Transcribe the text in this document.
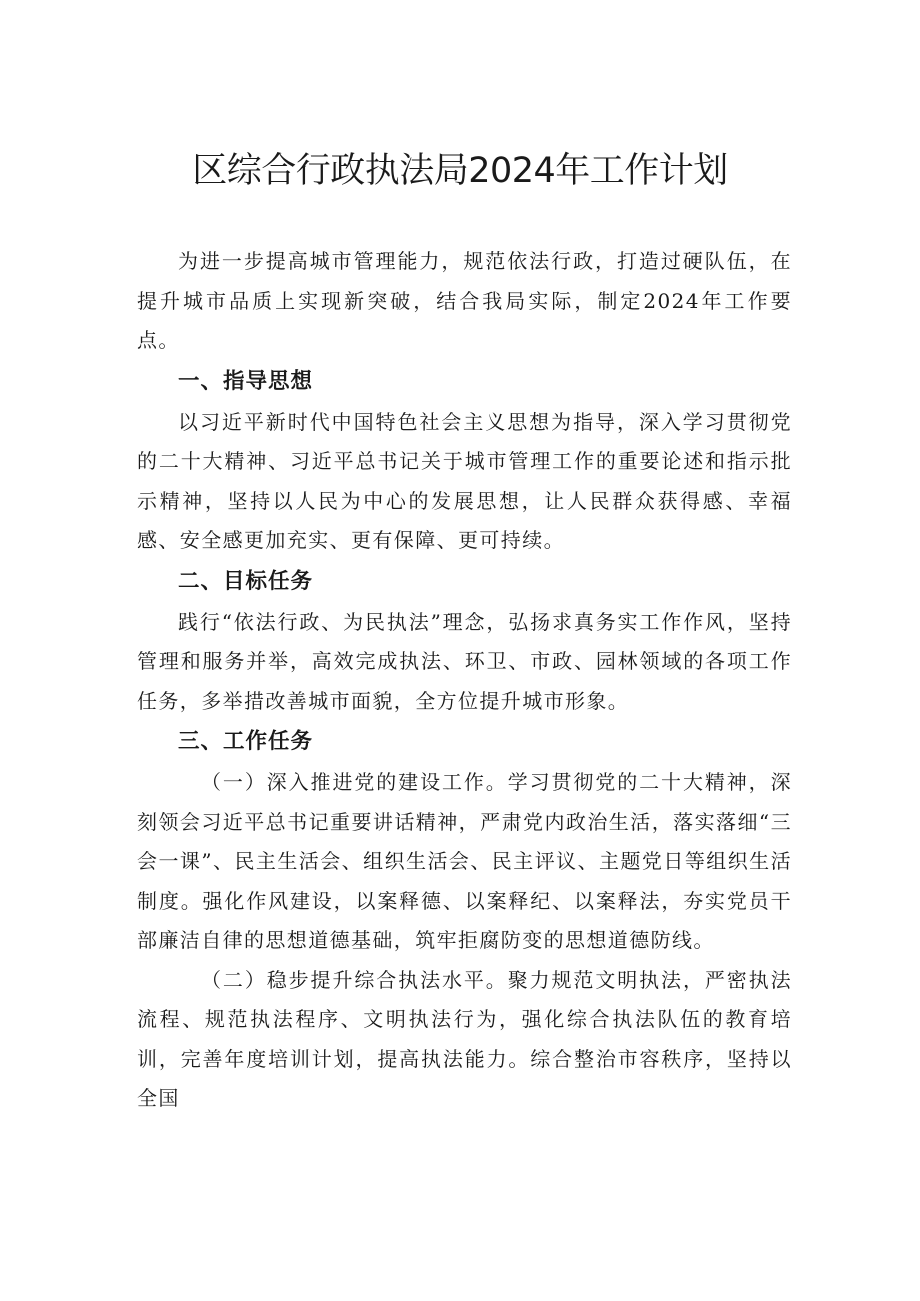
区综合行政执法局2024年工作计划

为进一步提高城市管理能力，规范依法行政，打造过硬队伍，在提升城市品质上实现新突破，结合我局实际，制定2024年工作要点。

一、指导思想

以习近平新时代中国特色社会主义思想为指导，深入学习贯彻党的二十大精神、习近平总书记关于城市管理工作的重要论述和指示批示精神，坚持以人民为中心的发展思想，让人民群众获得感、幸福感、安全感更加充实、更有保障、更可持续。

二、目标任务

践行“依法行政、为民执法”理念，弘扬求真务实工作作风，坚持管理和服务并举，高效完成执法、环卫、市政、园林领域的各项工作任务，多举措改善城市面貌，全方位提升城市形象。

三、工作任务

（一）深入推进党的建设工作。学习贯彻党的二十大精神，深刻领会习近平总书记重要讲话精神，严肃党内政治生活，落实落细“三会一课”、民主生活会、组织生活会、民主评议、主题党日等组织生活制度。强化作风建设，以案释德、以案释纪、以案释法，夯实党员干部廉洁自律的思想道德基础，筑牢拒腐防变的思想道德防线。

（二）稳步提升综合执法水平。聚力规范文明执法，严密执法流程、规范执法程序、文明执法行为，强化综合执法队伍的教育培训，完善年度培训计划，提高执法能力。综合整治市容秩序，坚持以全国
